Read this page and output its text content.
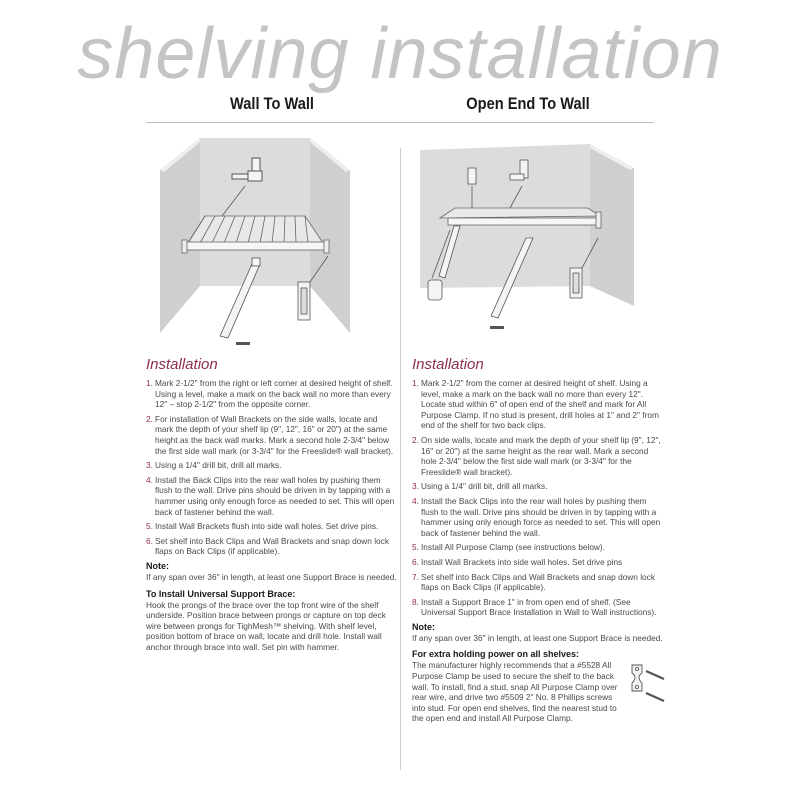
shelving installation
Wall To Wall	Open End To Wall
Installation
1. Mark 2-1/2" from the right or left corner at desired height of shelf. Using a level, make a mark on the back wall no more than every 12" – stop 2-1/2" from the opposite corner.
2. For installation of Wall Brackets on the side walls, locate and mark the depth of your shelf lip (9", 12", 16" or 20") at the same height as the back wall marks. Mark a second hole 2-3/4" below the first side wall mark (or 3-3/4" for the Freeslide® wall bracket).
3. Using a 1/4" drill bit, drill all marks.
4. Install the Back Clips into the rear wall holes by pushing them flush to the wall. Drive pins should be driven in by tapping with a hammer using only enough force as needed to set. This will open back of fastener behind the wall.
5. Install Wall Brackets flush into side wall holes. Set drive pins.
6. Set shelf into Back Clips and Wall Brackets and snap down lock flaps on Back Clips (if applicable).
Note:
If any span over 36" in length, at least one Support Brace is needed.
To Install Universal Support Brace:
Hook the prongs of the brace over the top front wire of the shelf underside. Position brace between prongs or capture on top deck wire between prongs for TighMesh™ shelving. With shelf level, position bottom of brace on wall, locate and drill hole. Install wall anchor through brace into wall. Set pin with hammer.
Installation
1. Mark 2-1/2" from the corner at desired height of shelf. Using a level, make a mark on the back wall no more than every 12". Locate stud within 6" of open end of the shelf and mark for All Purpose Clamp. If no stud is present, drill holes at 1" and 2" from end of the shelf for two back clips.
2. On side walls, locate and mark the depth of your shelf lip (9", 12", 16" or 20") at the same height as the rear wall. Mark a second hole 2-3/4" below the first side wall mark (or 3-3/4" for the Freeslide® wall bracket).
3. Using a 1/4" drill bit, drill all marks.
4. Install the Back Clips into the rear wall holes by pushing them flush to the wall. Drive pins should be driven in by tapping with a hammer using only enough force as needed to set. This will open back of fastener behind the wall.
5. Install All Purpose Clamp (see instructions below).
6. Install Wall Brackets into side wall holes. Set drive pins
7. Set shelf into Back Clips and Wall Brackets and snap down lock flaps on Back Clips (if applicable).
8. Install a Support Brace 1" in from open end of shelf. (See Universal Support Brace Installation in Wall to Wall instructions).
Note:
If any span over 36" in length, at least one Support Brace is needed.
For extra holding power on all shelves:
The manufacturer highly recommends that a #5528 All Purpose Clamp be used to secure the shelf to the back wall. To install, find a stud, snap All Purpose Clamp over rear wire, and drive two #5509 2" No. 8 Phillips screws into stud. For open end shelves, find the nearest stud to the open end and install All Purpose Clamp.
